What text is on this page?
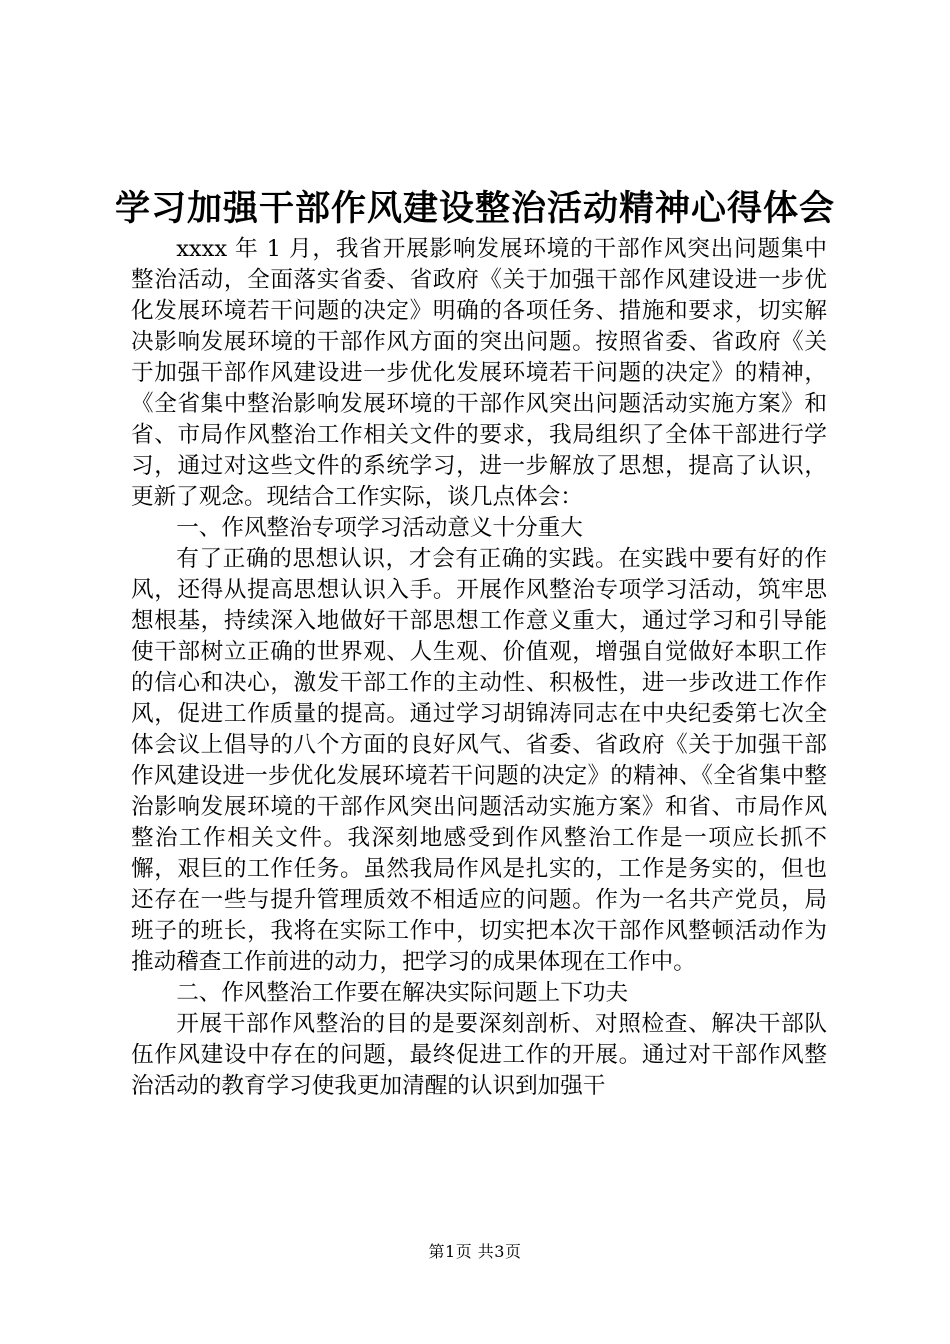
学习加强干部作风建设整治活动精神心得体会

xxxx 年 1 月，我省开展影响发展环境的干部作风突出问题集中整治活动，全面落实省委、省政府《关于加强干部作风建设进一步优化发展环境若干问题的决定》明确的各项任务、措施和要求，切实解决影响发展环境的干部作风方面的突出问题。按照省委、省政府《关于加强干部作风建设进一步优化发展环境若干问题的决定》的精神，《全省集中整治影响发展环境的干部作风突出问题活动实施方案》和省、市局作风整治工作相关文件的要求，我局组织了全体干部进行学习，通过对这些文件的系统学习，进一步解放了思想，提高了认识，更新了观念。现结合工作实际，谈几点体会：

一、作风整治专项学习活动意义十分重大

有了正确的思想认识，才会有正确的实践。在实践中要有好的作风，还得从提高思想认识入手。开展作风整治专项学习活动，筑牢思想根基，持续深入地做好干部思想工作意义重大，通过学习和引导能使干部树立正确的世界观、人生观、价值观，增强自觉做好本职工作的信心和决心，激发干部工作的主动性、积极性，进一步改进工作作风，促进工作质量的提高。通过学习胡锦涛同志在中央纪委第七次全体会议上倡导的八个方面的良好风气、省委、省政府《关于加强干部作风建设进一步优化发展环境若干问题的决定》的精神、《全省集中整治影响发展环境的干部作风突出问题活动实施方案》和省、市局作风整治工作相关文件。我深刻地感受到作风整治工作是一项应长抓不懈，艰巨的工作任务。虽然我局作风是扎实的，工作是务实的，但也还存在一些与提升管理质效不相适应的问题。作为一名共产党员，局班子的班长，我将在实际工作中，切实把本次干部作风整顿活动作为推动稽查工作前进的动力，把学习的成果体现在工作中。

二、作风整治工作要在解决实际问题上下功夫

开展干部作风整治的目的是要深刻剖析、对照检查、解决干部队伍作风建设中存在的问题，最终促进工作的开展。通过对干部作风整治活动的教育学习使我更加清醒的认识到加强干

第1页 共3页
